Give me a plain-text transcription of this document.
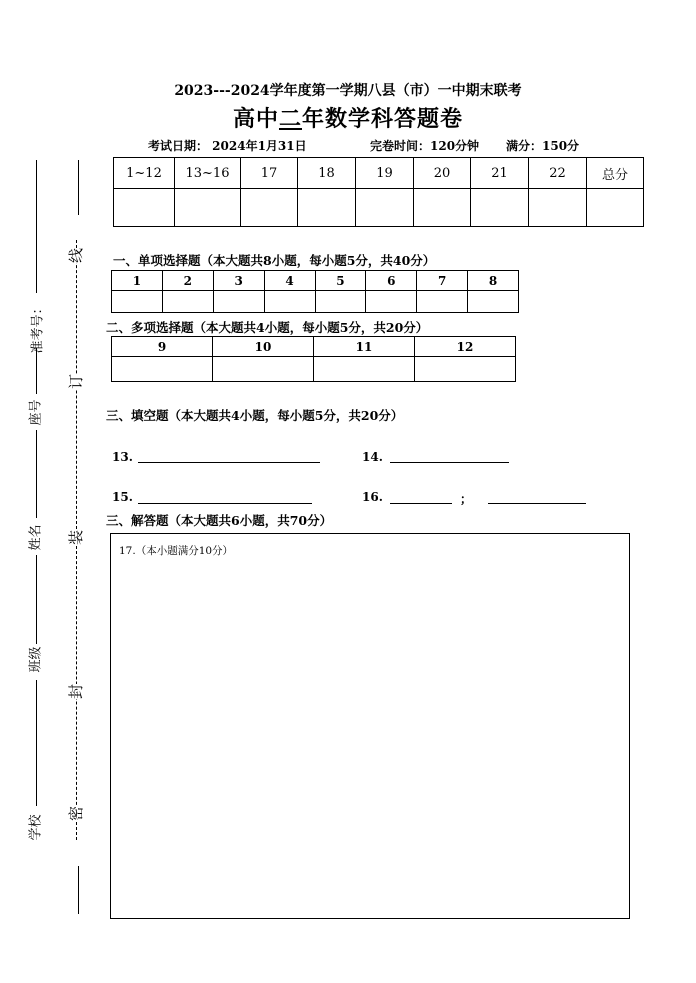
2023---2024学年度第一学期八县（市）一中期末联考
高中二年数学科答题卷
考试日期： 2024年1月31日	完卷时间：120分钟 满分：150分
1~12	13~16	17	18	19	20	21	22	总分

一、单项选择题（本大题共8小题，每小题5分，共40分）
1	2	3	4	5	6	7	8

二、多项选择题（本大题共4小题，每小题5分，共20分）
9	10	11	12

三、填空题（本大题共4小题，每小题5分，共20分）
13.	14.
15.	16.	；
三、解答题（本大题共6小题，共70分）
17.（本小题满分10分）
准考号：
座号
姓名
班级
学校
线
订
装
封
密
